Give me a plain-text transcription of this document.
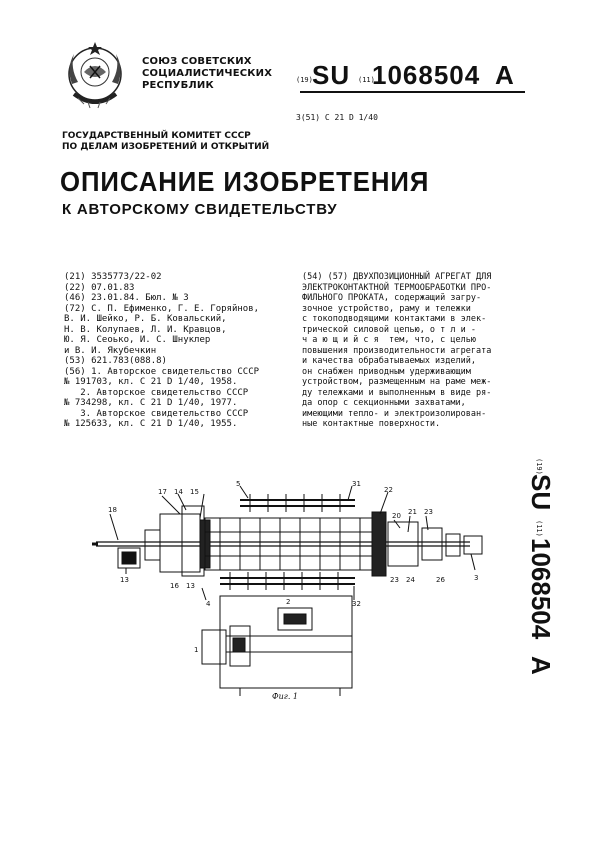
СОЮЗ СОВЕТСКИХ
СОЦИАЛИСТИЧЕСКИХ
РЕСПУБЛИК	(19) SU (11)
1068504 A
3(51) С 21 D 1/40
ГОСУДАРСТВЕННЫЙ КОМИТЕТ СССР
ПО ДЕЛАМ ИЗОБРЕТЕНИЙ И ОТКРЫТИЙ
ОПИСАНИЕ ИЗОБРЕТЕНИЯ
К АВТОРСКОМУ СВИДЕТЕЛЬСТВУ
(21) 3535773/22-02
(22) 07.01.83
(46) 23.01.84. Бюл. № 3
(72) С. П. Ефименко, Г. Е. Горяйнов,
В. И. Шейко, Р. Б. Ковальский,
Н. В. Колупаев, Л. И. Кравцов,
Ю. Я. Сеоько, И. С. Шнуклер
и В. И. Якубечкин
(53) 621.783(088.8)
(56) 1. Авторское свидетельство СССР
№ 191703, кл. С 21 D 1/40, 1958.
2. Авторское свидетельство СССР
№ 734298, кл. С 21 D 1/40, 1977.
3. Авторское свидетельство СССР
№ 125633, кл. С 21 D 1/40, 1955.
(54) (57) ДВУХПОЗИЦИОННЫЙ АГРЕГАТ ДЛЯ
ЭЛЕКТРОКОНТАКТНОЙ ТЕРМООБРАБОТКИ ПРО-
ФИЛЬНОГО ПРОКАТА, содержащий загру-
зочное устройство, раму и тележки
с токоподводящими контактами в элек-
трической силовой цепью, о т л и -
ч а ю щ и й с я  тем, что, с целью
повышения производительности агрегата
и качества обрабатываемых изделий,
он снабжен приводным удерживающим
устройством, размещенным на раме меж-
ду тележками и выполненным в виде ря-
да опор с секционными захватами,
имеющими тепло- и электроизолирован-
ные контактные поверхности.
17 14 15
5	31
22
20 21 23
18
13
16 13
4	32
23 24	26	3
1
2
Фиг. 1
(19)
SU
(11)
1068504
A
